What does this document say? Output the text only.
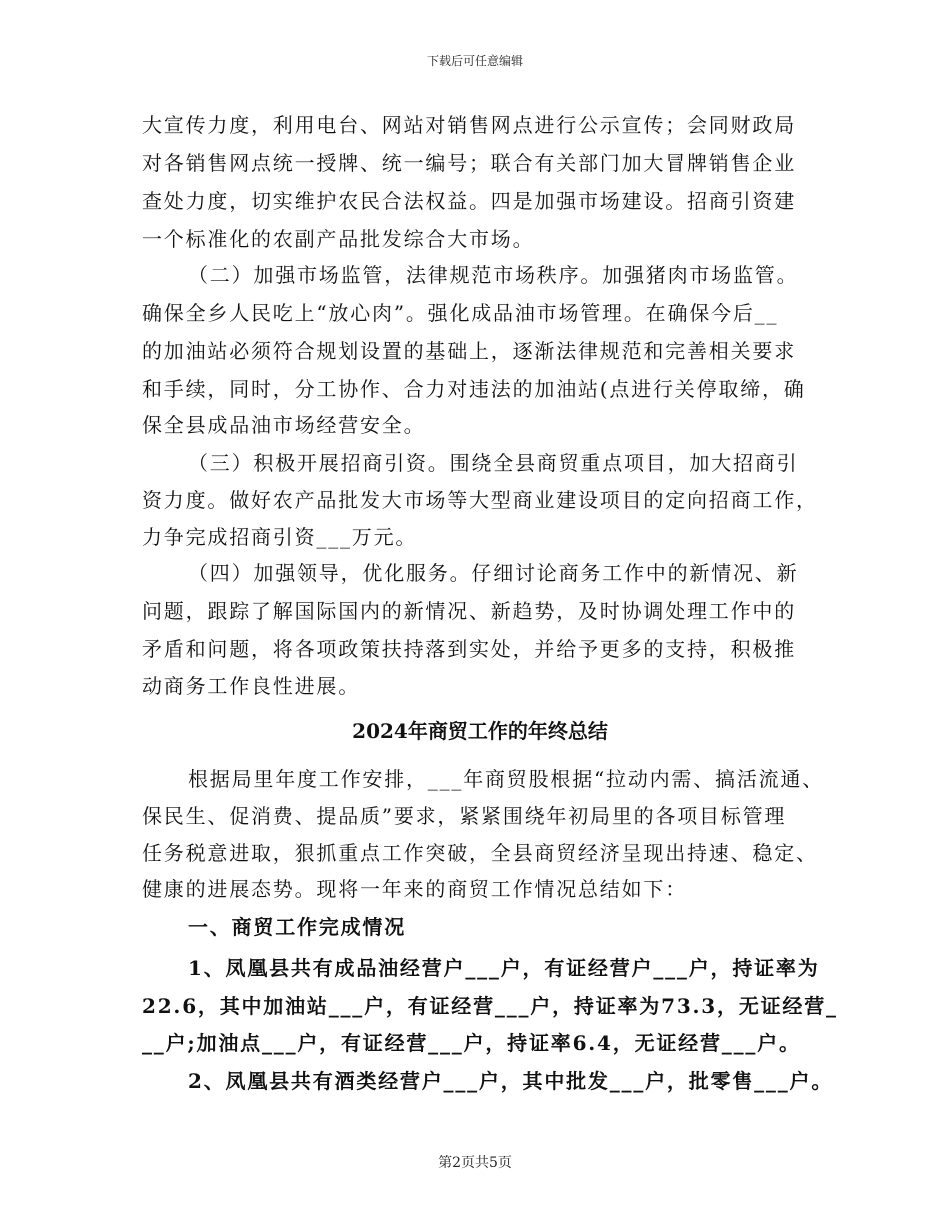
下载后可任意编辑
大宣传力度，利用电台、网站对销售网点进行公示宣传；会同财政局
对各销售网点统一授牌、统一编号；联合有关部门加大冒牌销售企业
查处力度，切实维护农民合法权益。四是加强市场建设。招商引资建
一个标准化的农副产品批发综合大市场。
（二）加强市场监管，法律规范市场秩序。加强猪肉市场监管。
确保全乡人民吃上“放心肉”。强化成品油市场管理。在确保今后__
的加油站必须符合规划设置的基础上，逐渐法律规范和完善相关要求
和手续，同时，分工协作、合力对违法的加油站(点进行关停取缔，确
保全县成品油市场经营安全。
（三）积极开展招商引资。围绕全县商贸重点项目，加大招商引
资力度。做好农产品批发大市场等大型商业建设项目的定向招商工作，
力争完成招商引资___万元。
（四）加强领导，优化服务。仔细讨论商务工作中的新情况、新
问题，跟踪了解国际国内的新情况、新趋势，及时协调处理工作中的
矛盾和问题，将各项政策扶持落到实处，并给予更多的支持，积极推
动商务工作良性进展。
2024年商贸工作的年终总结
根据局里年度工作安排，___年商贸股根据“拉动内需、搞活流通、
保民生、促消费、提品质”要求，紧紧围绕年初局里的各项目标管理
任务税意进取，狠抓重点工作突破，全县商贸经济呈现出持速、稳定、
健康的进展态势。现将一年来的商贸工作情况总结如下：
一、商贸工作完成情况
1、凤凰县共有成品油经营户___户，有证经营户___户，持证率为
22.6，其中加油站___户，有证经营___户，持证率为73.3，无证经营_
__户;加油点___户，有证经营___户，持证率6.4，无证经营___户。
2、凤凰县共有酒类经营户___户，其中批发___户，批零售___户。
第2页共5页
